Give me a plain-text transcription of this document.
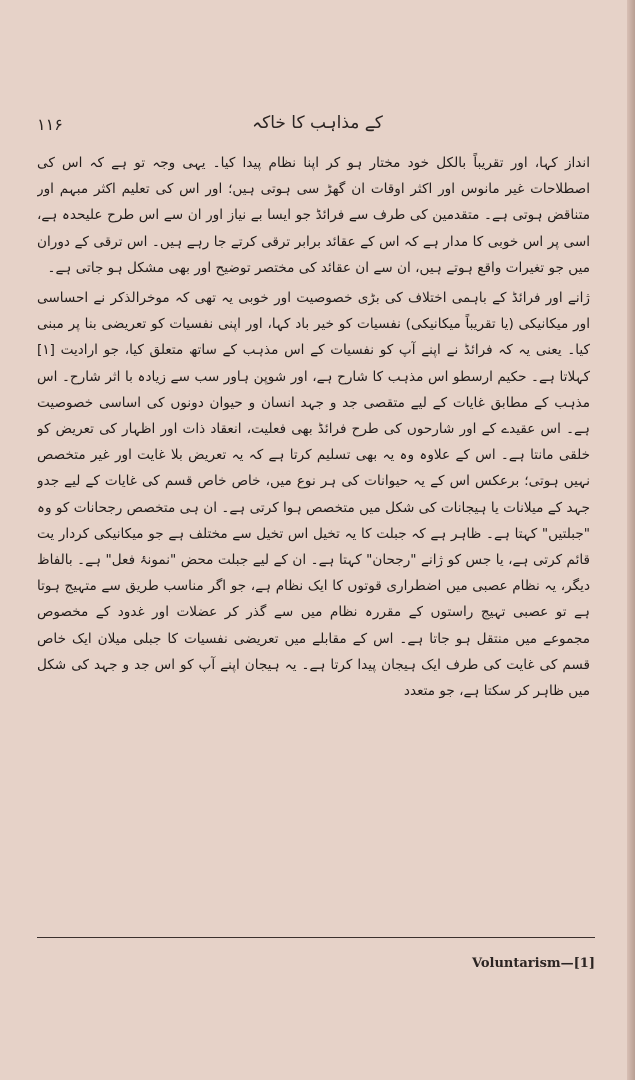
۱۱۶	کے مذاہب کا خاکہ

انداز کہا، اور تقریباً بالکل خود مختار ہو کر اپنا نظام پیدا کیا۔ یہی وجہ تو ہے کہ اس کی اصطلاحات غیر مانوس اور اکثر اوقات ان گھڑ سی ہوتی ہیں؛ اور اس کی تعلیم اکثر مبہم اور متناقض ہوتی ہے۔ متقدمین کی طرف سے فرائڈ جو ایسا بے نیاز اور ان سے اس طرح علیحدہ ہے، اسی پر اس خوبی کا مدار ہے کہ اس کے عقائد برابر ترقی کرتے جا رہے ہیں۔ اس ترقی کے دوران میں جو تغیرات واقع ہوتے ہیں، ان سے ان عقائد کی مختصر توضیح اور بھی مشکل ہو جاتی ہے۔

ژانے اور فرائڈ کے باہمی اختلاف کی بڑی خصوصیت اور خوبی یہ تھی کہ موخرالذکر نے احساسی اور میکانیکی (یا تقریباً میکانیکی) نفسیات کو خیر باد کہا، اور اپنی نفسیات کو تعریضی بنا پر مبنی کیا۔ یعنی یہ کہ فرائڈ نے اپنے آپ کو نفسیات کے اس مذہب کے ساتھ متعلق کیا، جو ارادیت [۱] کہلاتا ہے۔ حکیم ارسطو اس مذہب کا شارح ہے، اور شوپن ہاور سب سے زیادہ با اثر شارح۔ اس مذہب کے مطابق غایات کے لیے متقصی جد و جہد انسان و حیوان دونوں کی اساسی خصوصیت ہے۔ اس عقیدے کے اور شارحوں کی طرح فرائڈ بھی فعلیت، انعقاد ذات اور اظہار کی تعریض کو خلقی مانتا ہے۔ اس کے علاوہ وہ یہ بھی تسلیم کرتا ہے کہ یہ تعریض بلا غایت اور غیر متخصص نہیں ہوتی؛ برعکس اس کے یہ حیوانات کی ہر نوع میں، خاص خاص قسم کی غایات کے لیے جدو جہد کے میلانات یا ہیجانات کی شکل میں متخصص ہوا کرتی ہے۔ ان ہی متخصص رجحانات کو وہ "جبلتیں" کہتا ہے۔ ظاہر ہے کہ جبلت کا یہ تخیل اس تخیل سے مختلف ہے جو میکانیکی کردار یت قائم کرتی ہے، یا جس کو ژانے "رجحان" کہتا ہے۔ ان کے لیے جبلت محض "نمونۂ فعل" ہے۔ بالفاظ دیگر، یہ نظام عصبی میں اضطراری قوتوں کا ایک نظام ہے، جو اگر مناسب طریق سے متہیج ہوتا ہے تو عصبی تہیج راستوں کے مقررہ نظام میں سے گذر کر عضلات اور غدود کے مخصوص مجموعے میں منتقل ہو جاتا ہے۔ اس کے مقابلے میں تعریضی نفسیات کا جبلی میلان ایک خاص قسم کی غایت کی طرف ایک ہیجان پیدا کرتا ہے۔ یہ ہیجان اپنے آپ کو اس جد و جہد کی شکل میں ظاہر کر سکتا ہے، جو متعدد

Voluntarism—[1]
